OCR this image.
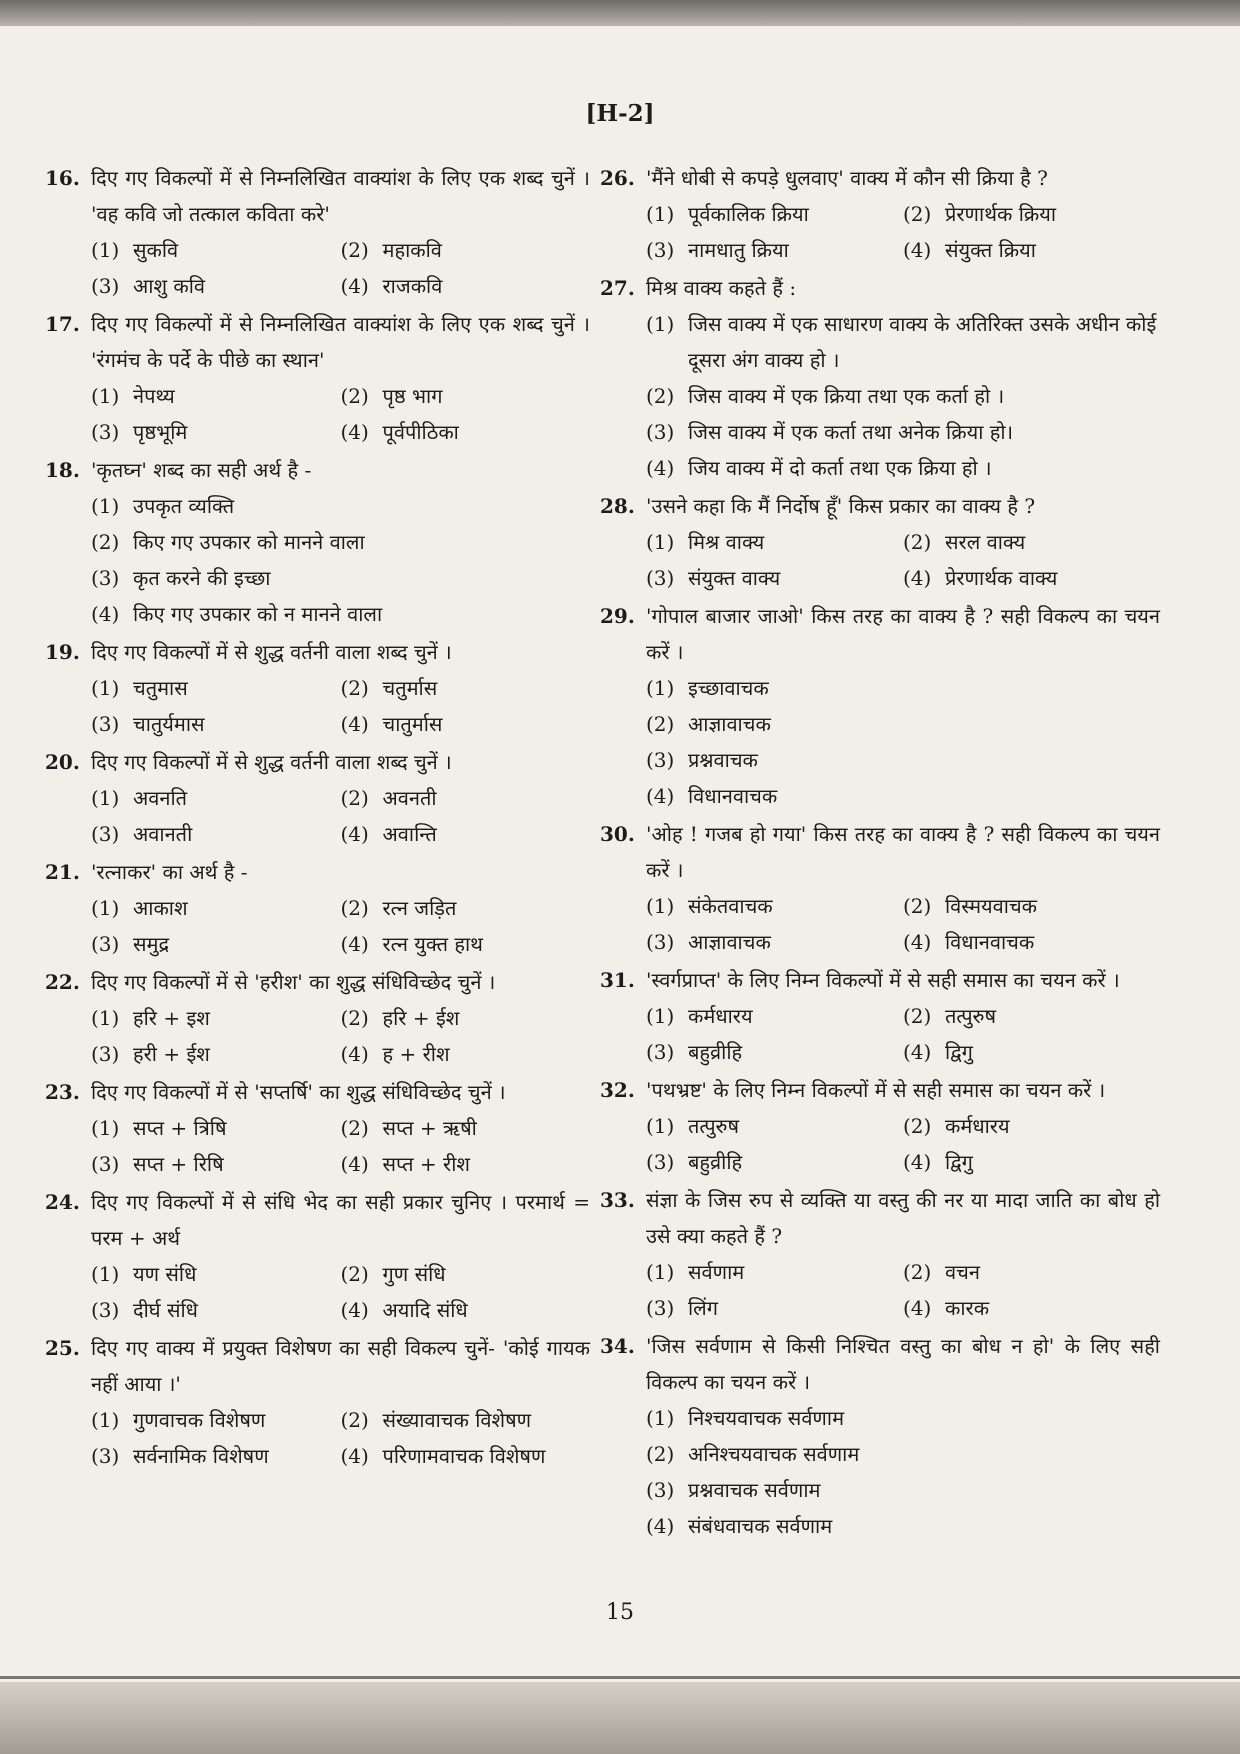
[H-2]
16. दिए गए विकल्पों में से निम्नलिखित वाक्यांश के लिए एक शब्द चुनें । 'वह कवि जो तत्काल कविता करे'
(1) सुकवि	(2) महाकवि
(3) आशु कवि	(4) राजकवि
17. दिए गए विकल्पों में से निम्नलिखित वाक्यांश के लिए एक शब्द चुनें । 'रंगमंच के पर्दे के पीछे का स्थान'
(1) नेपथ्य	(2) पृष्ठ भाग
(3) पृष्ठभूमि	(4) पूर्वपीठिका
18. 'कृतघ्न' शब्द का सही अर्थ है -
(1) उपकृत व्यक्ति
(2) किए गए उपकार को मानने वाला
(3) कृत करने की इच्छा
(4) किए गए उपकार को न मानने वाला
19. दिए गए विकल्पों में से शुद्ध वर्तनी वाला शब्द चुनें ।
(1) चतुमास	(2) चतुर्मास
(3) चातुर्यमास	(4) चातुर्मास
20. दिए गए विकल्पों में से शुद्ध वर्तनी वाला शब्द चुनें ।
(1) अवनति	(2) अवनती
(3) अवानती	(4) अवान्ति
21. 'रत्नाकर' का अर्थ है -
(1) आकाश	(2) रत्न जड़ित
(3) समुद्र	(4) रत्न युक्त हाथ
22. दिए गए विकल्पों में से 'हरीश' का शुद्ध संधिविच्छेद चुनें ।
(1) हरि + इश	(2) हरि + ईश
(3) हरी + ईश	(4) ह + रीश
23. दिए गए विकल्पों में से 'सप्तर्षि' का शुद्ध संधिविच्छेद चुनें ।
(1) सप्त + त्रिषि	(2) सप्त + ऋषी
(3) सप्त + रिषि	(4) सप्त + रीश
24. दिए गए विकल्पों में से संधि भेद का सही प्रकार चुनिए । परमार्थ = परम + अर्थ
(1) यण संधि	(2) गुण संधि
(3) दीर्घ संधि	(4) अयादि संधि
25. दिए गए वाक्य में प्रयुक्त विशेषण का सही विकल्प चुनें- 'कोई गायक नहीं आया ।'
(1) गुणवाचक विशेषण	(2) संख्यावाचक विशेषण
(3) सर्वनामिक विशेषण	(4) परिणामवाचक विशेषण
26. 'मैंने धोबी से कपड़े धुलवाए' वाक्य में कौन सी क्रिया है ?
(1) पूर्वकालिक क्रिया	(2) प्रेरणार्थक क्रिया
(3) नामधातु क्रिया	(4) संयुक्त क्रिया
27. मिश्र वाक्य कहते हैं :
(1) जिस वाक्य में एक साधारण वाक्य के अतिरिक्त उसके अधीन कोई दूसरा अंग वाक्य हो ।
(2) जिस वाक्य में एक क्रिया तथा एक कर्ता हो ।
(3) जिस वाक्य में एक कर्ता तथा अनेक क्रिया हो।
(4) जिय वाक्य में दो कर्ता तथा एक क्रिया हो ।
28. 'उसने कहा कि मैं निर्दोष हूँ' किस प्रकार का वाक्य है ?
(1) मिश्र वाक्य	(2) सरल वाक्य
(3) संयुक्त वाक्य	(4) प्रेरणार्थक वाक्य
29. 'गोपाल बाजार जाओ' किस तरह का वाक्य है ? सही विकल्प का चयन करें ।
(1) इच्छावाचक
(2) आज्ञावाचक
(3) प्रश्नवाचक
(4) विधानवाचक
30. 'ओह ! गजब हो गया' किस तरह का वाक्य है ? सही विकल्प का चयन करें ।
(1) संकेतवाचक	(2) विस्मयवाचक
(3) आज्ञावाचक	(4) विधानवाचक
31. 'स्वर्गप्राप्त' के लिए निम्न विकल्पों में से सही समास का चयन करें ।
(1) कर्मधारय	(2) तत्पुरुष
(3) बहुव्रीहि	(4) द्विगु
32. 'पथभ्रष्ट' के लिए निम्न विकल्पों में से सही समास का चयन करें ।
(1) तत्पुरुष	(2) कर्मधारय
(3) बहुव्रीहि	(4) द्विगु
33. संज्ञा के जिस रुप से व्यक्ति या वस्तु की नर या मादा जाति का बोध हो उसे क्या कहते हैं ?
(1) सर्वणाम	(2) वचन
(3) लिंग	(4) कारक
34. 'जिस सर्वणाम से किसी निश्चित वस्तु का बोध न हो' के लिए सही विकल्प का चयन करें ।
(1) निश्चयवाचक सर्वणाम
(2) अनिश्चयवाचक सर्वणाम
(3) प्रश्नवाचक सर्वणाम
(4) संबंधवाचक सर्वणाम
15
